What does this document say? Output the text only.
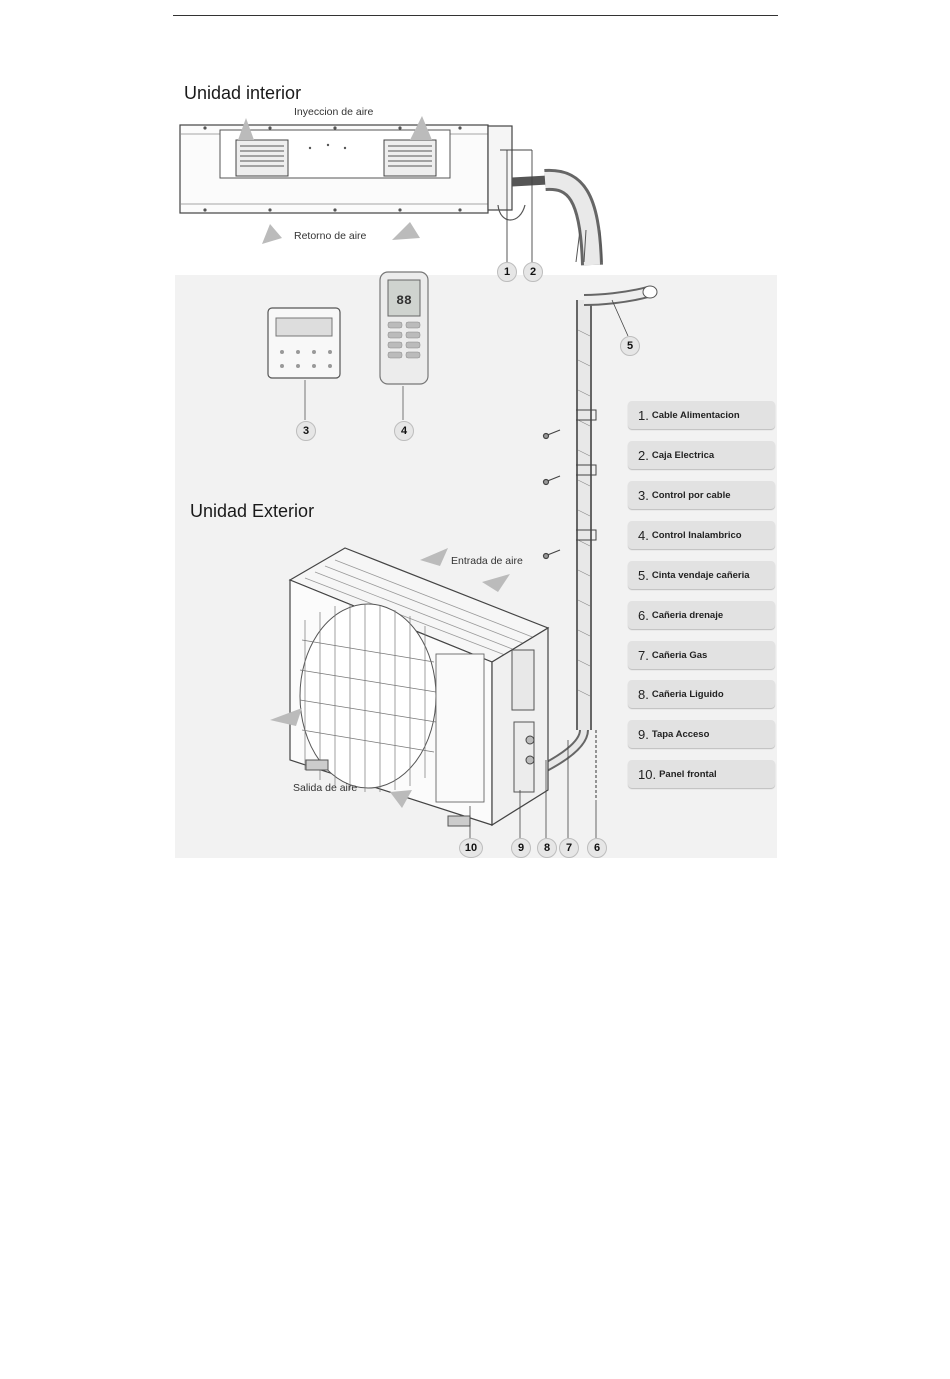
88
Unidad interior
Inyeccion de aire
Retorno de aire
Unidad Exterior
Entrada de aire
Salida de aire
1	2
3	4
5
6
7
8
9
10
1. Cable Alimentacion
2. Caja Electrica
3. Control por cable
4. Control Inalambrico
5. Cinta vendaje cañeria
6. Cañeria drenaje
7. Cañeria Gas
8. Cañeria Liguido
9. Tapa Acceso
10. Panel frontal
